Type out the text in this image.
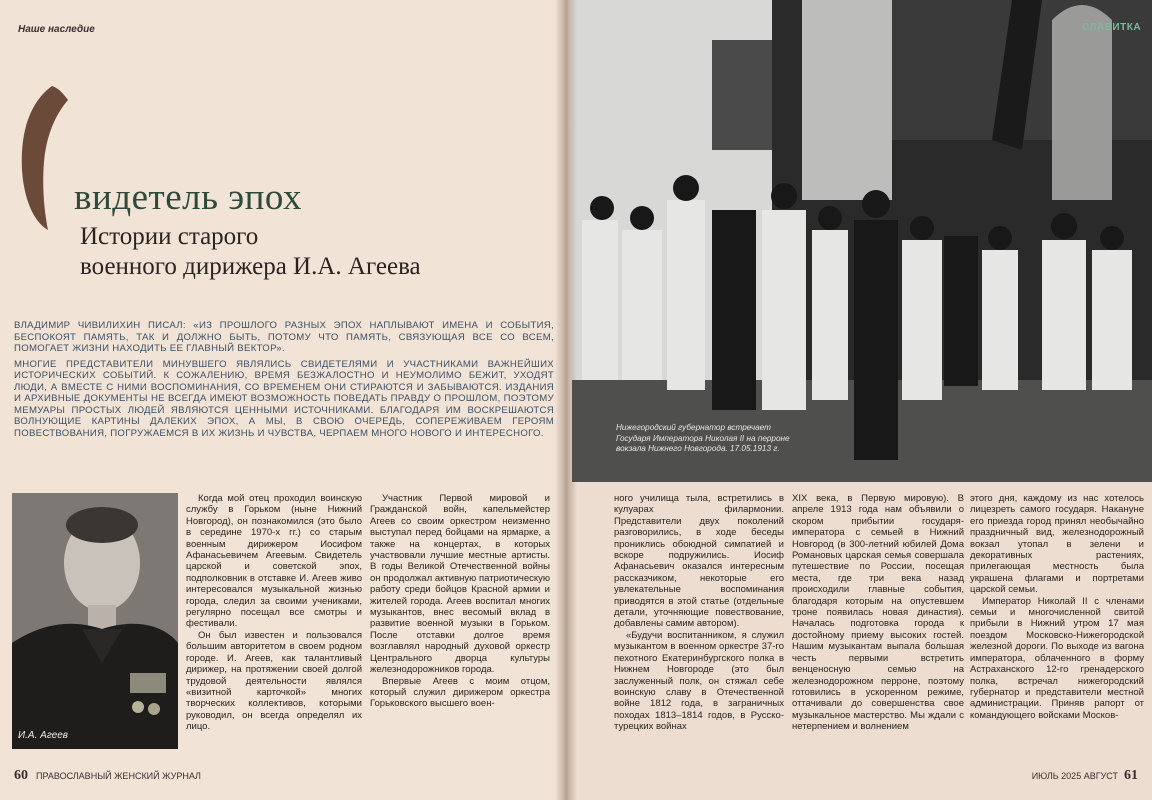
Наше наследие
видетель эпох
Истории старого
военного дирижера И.А. Агеева

ВЛАДИМИР ЧИВИЛИХИН ПИСАЛ: «ИЗ ПРОШЛОГО РАЗНЫХ ЭПОХ НАПЛЫВАЮТ ИМЕНА И СОБЫТИЯ, БЕСПОКОЯТ ПАМЯТЬ, ТАК И ДОЛЖНО БЫТЬ, ПОТОМУ ЧТО ПАМЯТЬ, СВЯЗУЮЩАЯ ВСЕ СО ВСЕМ, ПОМОГАЕТ ЖИЗНИ НАХОДИТЬ ЕЕ ГЛАВНЫЙ ВЕКТОР».

МНОГИЕ ПРЕДСТАВИТЕЛИ МИНУВШЕГО ЯВЛЯЛИСЬ СВИДЕТЕЛЯМИ И УЧАСТНИКАМИ ВАЖНЕЙШИХ ИСТОРИЧЕСКИХ СОБЫТИЙ. К СОЖАЛЕНИЮ, ВРЕМЯ БЕЗЖАЛОСТНО И НЕУМОЛИМО БЕЖИТ, УХОДЯТ ЛЮДИ, А ВМЕСТЕ С НИМИ ВОСПОМИНАНИЯ, СО ВРЕМЕНЕМ ОНИ СТИРАЮТСЯ И ЗАБЫВАЮТСЯ. ИЗДАНИЯ И АРХИВНЫЕ ДОКУМЕНТЫ НЕ ВСЕГДА ИМЕЮТ ВОЗМОЖНОСТЬ ПОВЕДАТЬ ПРАВДУ О ПРОШЛОМ, ПОЭТОМУ МЕМУАРЫ ПРОСТЫХ ЛЮДЕЙ ЯВЛЯЮТСЯ ЦЕННЫМИ ИСТОЧНИКАМИ. БЛАГОДАРЯ ИМ ВОСКРЕШАЮТСЯ ВОЛНУЮЩИЕ КАРТИНЫ ДАЛЕКИХ ЭПОХ, А МЫ, В СВОЮ ОЧЕРЕДЬ, СОПЕРЕЖИВАЕМ ГЕРОЯМ ПОВЕСТВОВАНИЯ, ПОГРУЖАЕМСЯ В ИХ ЖИЗНЬ И ЧУВСТВА, ЧЕРПАЕМ МНОГО НОВОГО И ИНТЕРЕСНОГО.

И.А. Агеев

Когда мой отец проходил воинскую службу в Горьком (ныне Нижний Новгород), он познакомился (это было в середине 1970-х гг.) со старым военным дирижером Иосифом Афанасьевичем Агеевым. Свидетель царской и советской эпох, подполковник в отставке И. Агеев живо интересовался музыкальной жизнью города, следил за своими учениками, регулярно посещал все смотры и фестивали.

Он был известен и пользовался большим авторитетом в своем родном городе. И. Агеев, как талантливый дирижер, на протяжении своей долгой трудовой деятельности являлся «визитной карточкой» многих творческих коллективов, которыми руководил, он всегда определял их лицо.

Участник Первой мировой и Гражданской войн, капельмейстер Агеев со своим оркестром неизменно выступал перед бойцами на ярмарке, а также на концертах, в которых участвовали лучшие местные артисты. В годы Великой Отечественной войны он продолжал активную патриотическую работу среди бойцов Красной армии и жителей города. Агеев воспитал многих музыкантов, внес весомый вклад в развитие военной музыки в Горьком. После отставки долгое время возглавлял народный духовой оркестр Центрального дворца культуры железнодорожников города.

Впервые Агеев с моим отцом, который служил дирижером оркестра Горьковского высшего воен-

60 ПРАВОСЛАВНЫЙ ЖЕНСКИЙ ЖУРНАЛ
СЛАВИТКА
Нижегородский губернатор встречает Государя Императора Николая II на перроне вокзала Нижнего Новгорода. 17.05.1913 г.

ного училища тыла, встретились в кулуарах филармонии. Представители двух поколений разговорились, в ходе беседы прониклись обоюдной симпатией и вскоре подружились. Иосиф Афанасьевич оказался интересным рассказчиком, некоторые его увлекательные воспоминания приводятся в этой статье (отдельные детали, уточняющие повествование, добавлены самим автором).

«Будучи воспитанником, я служил музыкантом в военном оркестре 37-го пехотного Екатеринбургского полка в Нижнем Новгороде (это был заслуженный полк, он стяжал себе воинскую славу в Отечественной войне 1812 года, в заграничных походах 1813–1814 годов, в Русско-турецких войнах

XIX века, в Первую мировую). В апреле 1913 года нам объявили о скором прибытии государя-императора с семьей в Нижний Новгород (в 300-летний юбилей Дома Романовых царская семья совершала путешествие по России, посещая места, где три века назад происходили главные события, благодаря которым на опустевшем троне появилась новая династия). Началась подготовка города к достойному приему высоких гостей. Нашим музыкантам выпала большая честь первыми встретить венценосную семью на железнодорожном перроне, поэтому готовились в ускоренном режиме, оттачивали до совершенства свое музыкальное мастерство. Мы ждали с нетерпением и волнением

этого дня, каждому из нас хотелось лицезреть самого государя. Накануне его приезда город принял необычайно праздничный вид, железнодорожный вокзал утопал в зелени и декоративных растениях, прилегающая местность была украшена флагами и портретами царской семьи.

Император Николай II с членами семьи и многочисленной свитой прибыли в Нижний утром 17 мая поездом Московско-Нижегородской железной дороги. По выходе из вагона императора, облаченного в форму Астраханского 12-го гренадерского полка, встречал нижегородский губернатор и представители местной администрации. Приняв рапорт от командующего войсками Москов-

ИЮЛЬ 2025 АВГУСТ 61
